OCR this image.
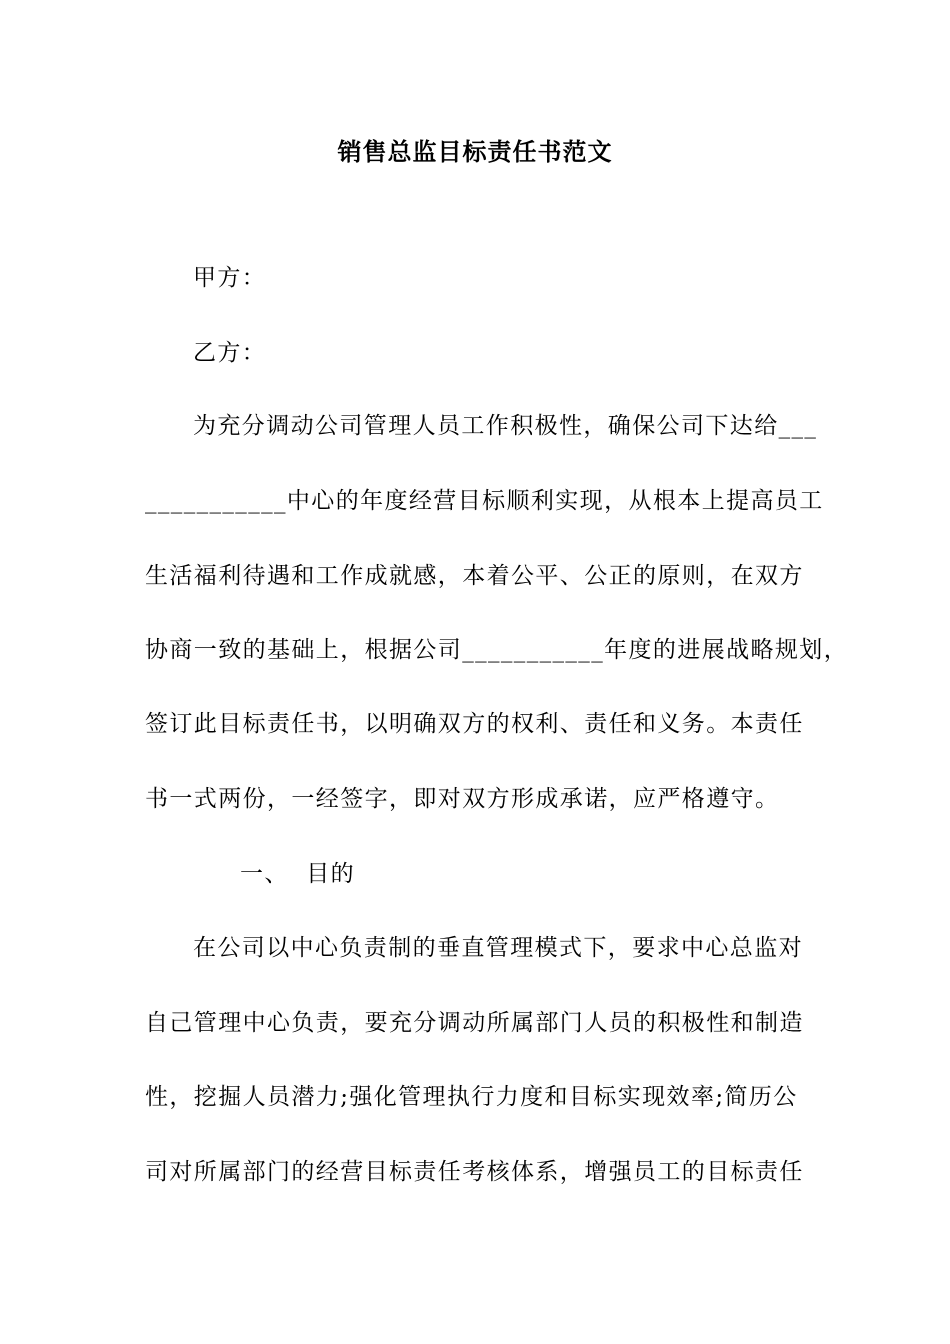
销售总监目标责任书范文
甲方：
乙方：
为充分调动公司管理人员工作积极性，确保公司下达给___
___________中心的年度经营目标顺利实现，从根本上提高员工
生活福利待遇和工作成就感，本着公平、公正的原则，在双方
协商一致的基础上，根据公司___________年度的进展战略规划，
签订此目标责任书，以明确双方的权利、责任和义务。本责任
书一式两份，一经签字，即对双方形成承诺，应严格遵守。
一、  目的
在公司以中心负责制的垂直管理模式下，要求中心总监对
自己管理中心负责，要充分调动所属部门人员的积极性和制造
性，挖掘人员潜力;强化管理执行力度和目标实现效率;简历公
司对所属部门的经营目标责任考核体系，增强员工的目标责任
